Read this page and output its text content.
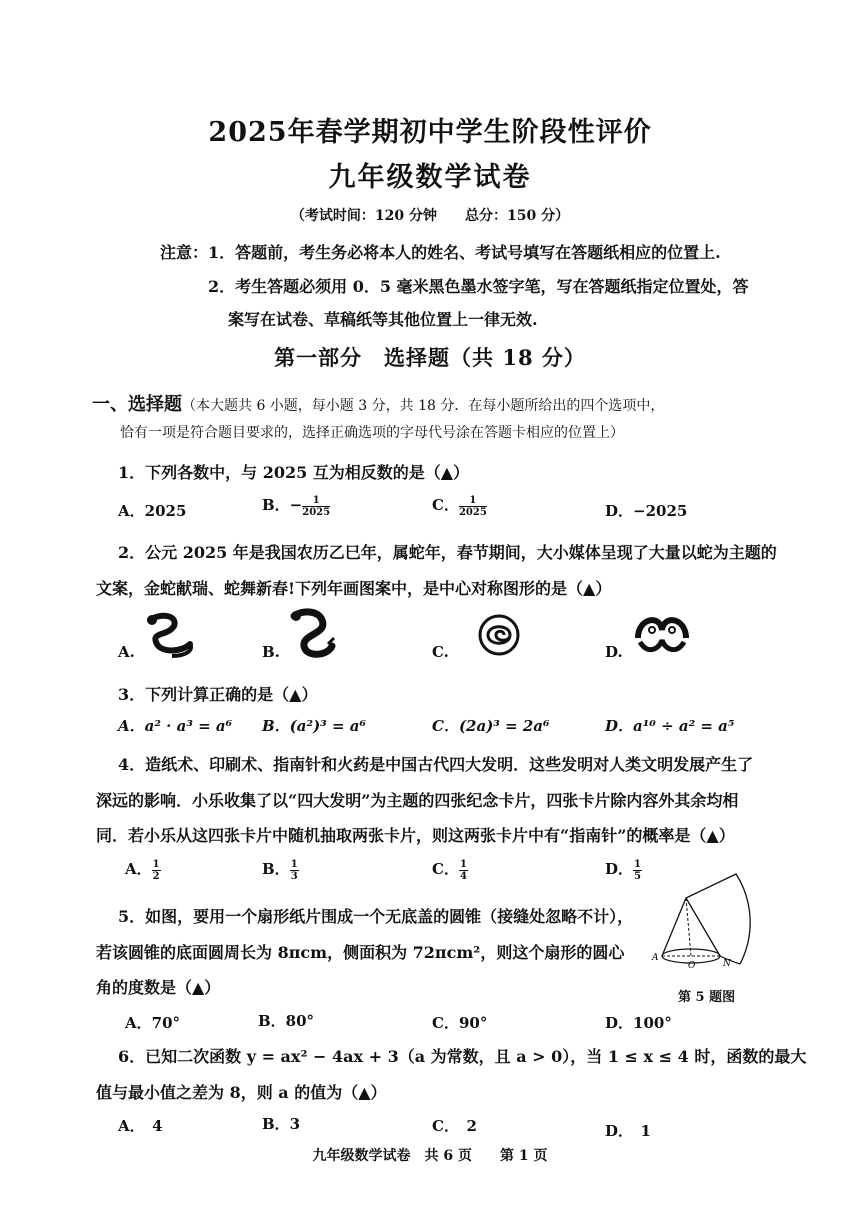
2025年春学期初中学生阶段性评价
九年级数学试卷
（考试时间：120 分钟　　总分：150 分）
注意：1．答题前，考生务必将本人的姓名、考试号填写在答题纸相应的位置上.
2．考生答题必须用 0．5 毫米黑色墨水签字笔，写在答题纸指定位置处，答
案写在试卷、草稿纸等其他位置上一律无效.
第一部分　选择题（共 18 分）
一、选择题（本大题共 6 小题，每小题 3 分，共 18 分．在每小题所给出的四个选项中，
恰有一项是符合题目要求的，选择正确选项的字母代号涂在答题卡相应的位置上）
1．下列各数中，与 2025 互为相反数的是（▲）
A．2025	B．− $\frac{1}{2025}$	C． $\frac{1}{2025}$	D．−2025
2．公元 2025 年是我国农历乙巳年，属蛇年，春节期间，大小媒体呈现了大量以蛇为主题的
文案，金蛇献瑞、蛇舞新春!下列年画图案中，是中心对称图形的是（▲）
A.	B.	C.	D.
3．下列计算正确的是（▲）
A．a² · a³ = a⁶ B．(a²)³ = a⁶	C．(2a)³ = 2a⁶	D．a¹⁰ ÷ a² = a⁵
4．造纸术、印刷术、指南针和火药是中国古代四大发明．这些发明对人类文明发展产生了
深远的影响．小乐收集了以“四大发明”为主题的四张纪念卡片，四张卡片除内容外其余均相
同．若小乐从这四张卡片中随机抽取两张卡片，则这两张卡片中有“指南针”的概率是（▲）
A． $\frac{1}{2}$	B． $\frac{1}{3}$	C． $\frac{1}{4}$	D． $\frac{1}{5}$
5．如图，要用一个扇形纸片围成一个无底盖的圆锥（接缝处忽略不计），
若该圆锥的底面圆周长为 8πcm，侧面积为 72πcm²，则这个扇形的圆心
角的度数是（▲）
A
O	N
第 5 题图
A．70°	B．80°	C．90°	D．100°
6．已知二次函数 y = ax² − 4ax + 3（a 为常数，且 a > 0），当 1 ≤ x ≤ 4 时，函数的最大
值与最小值之差为 8，则 a 的值为（▲）
A．　4	B．3	C．　2	D．　1
九年级数学试卷　共 6 页　　第 1 页
